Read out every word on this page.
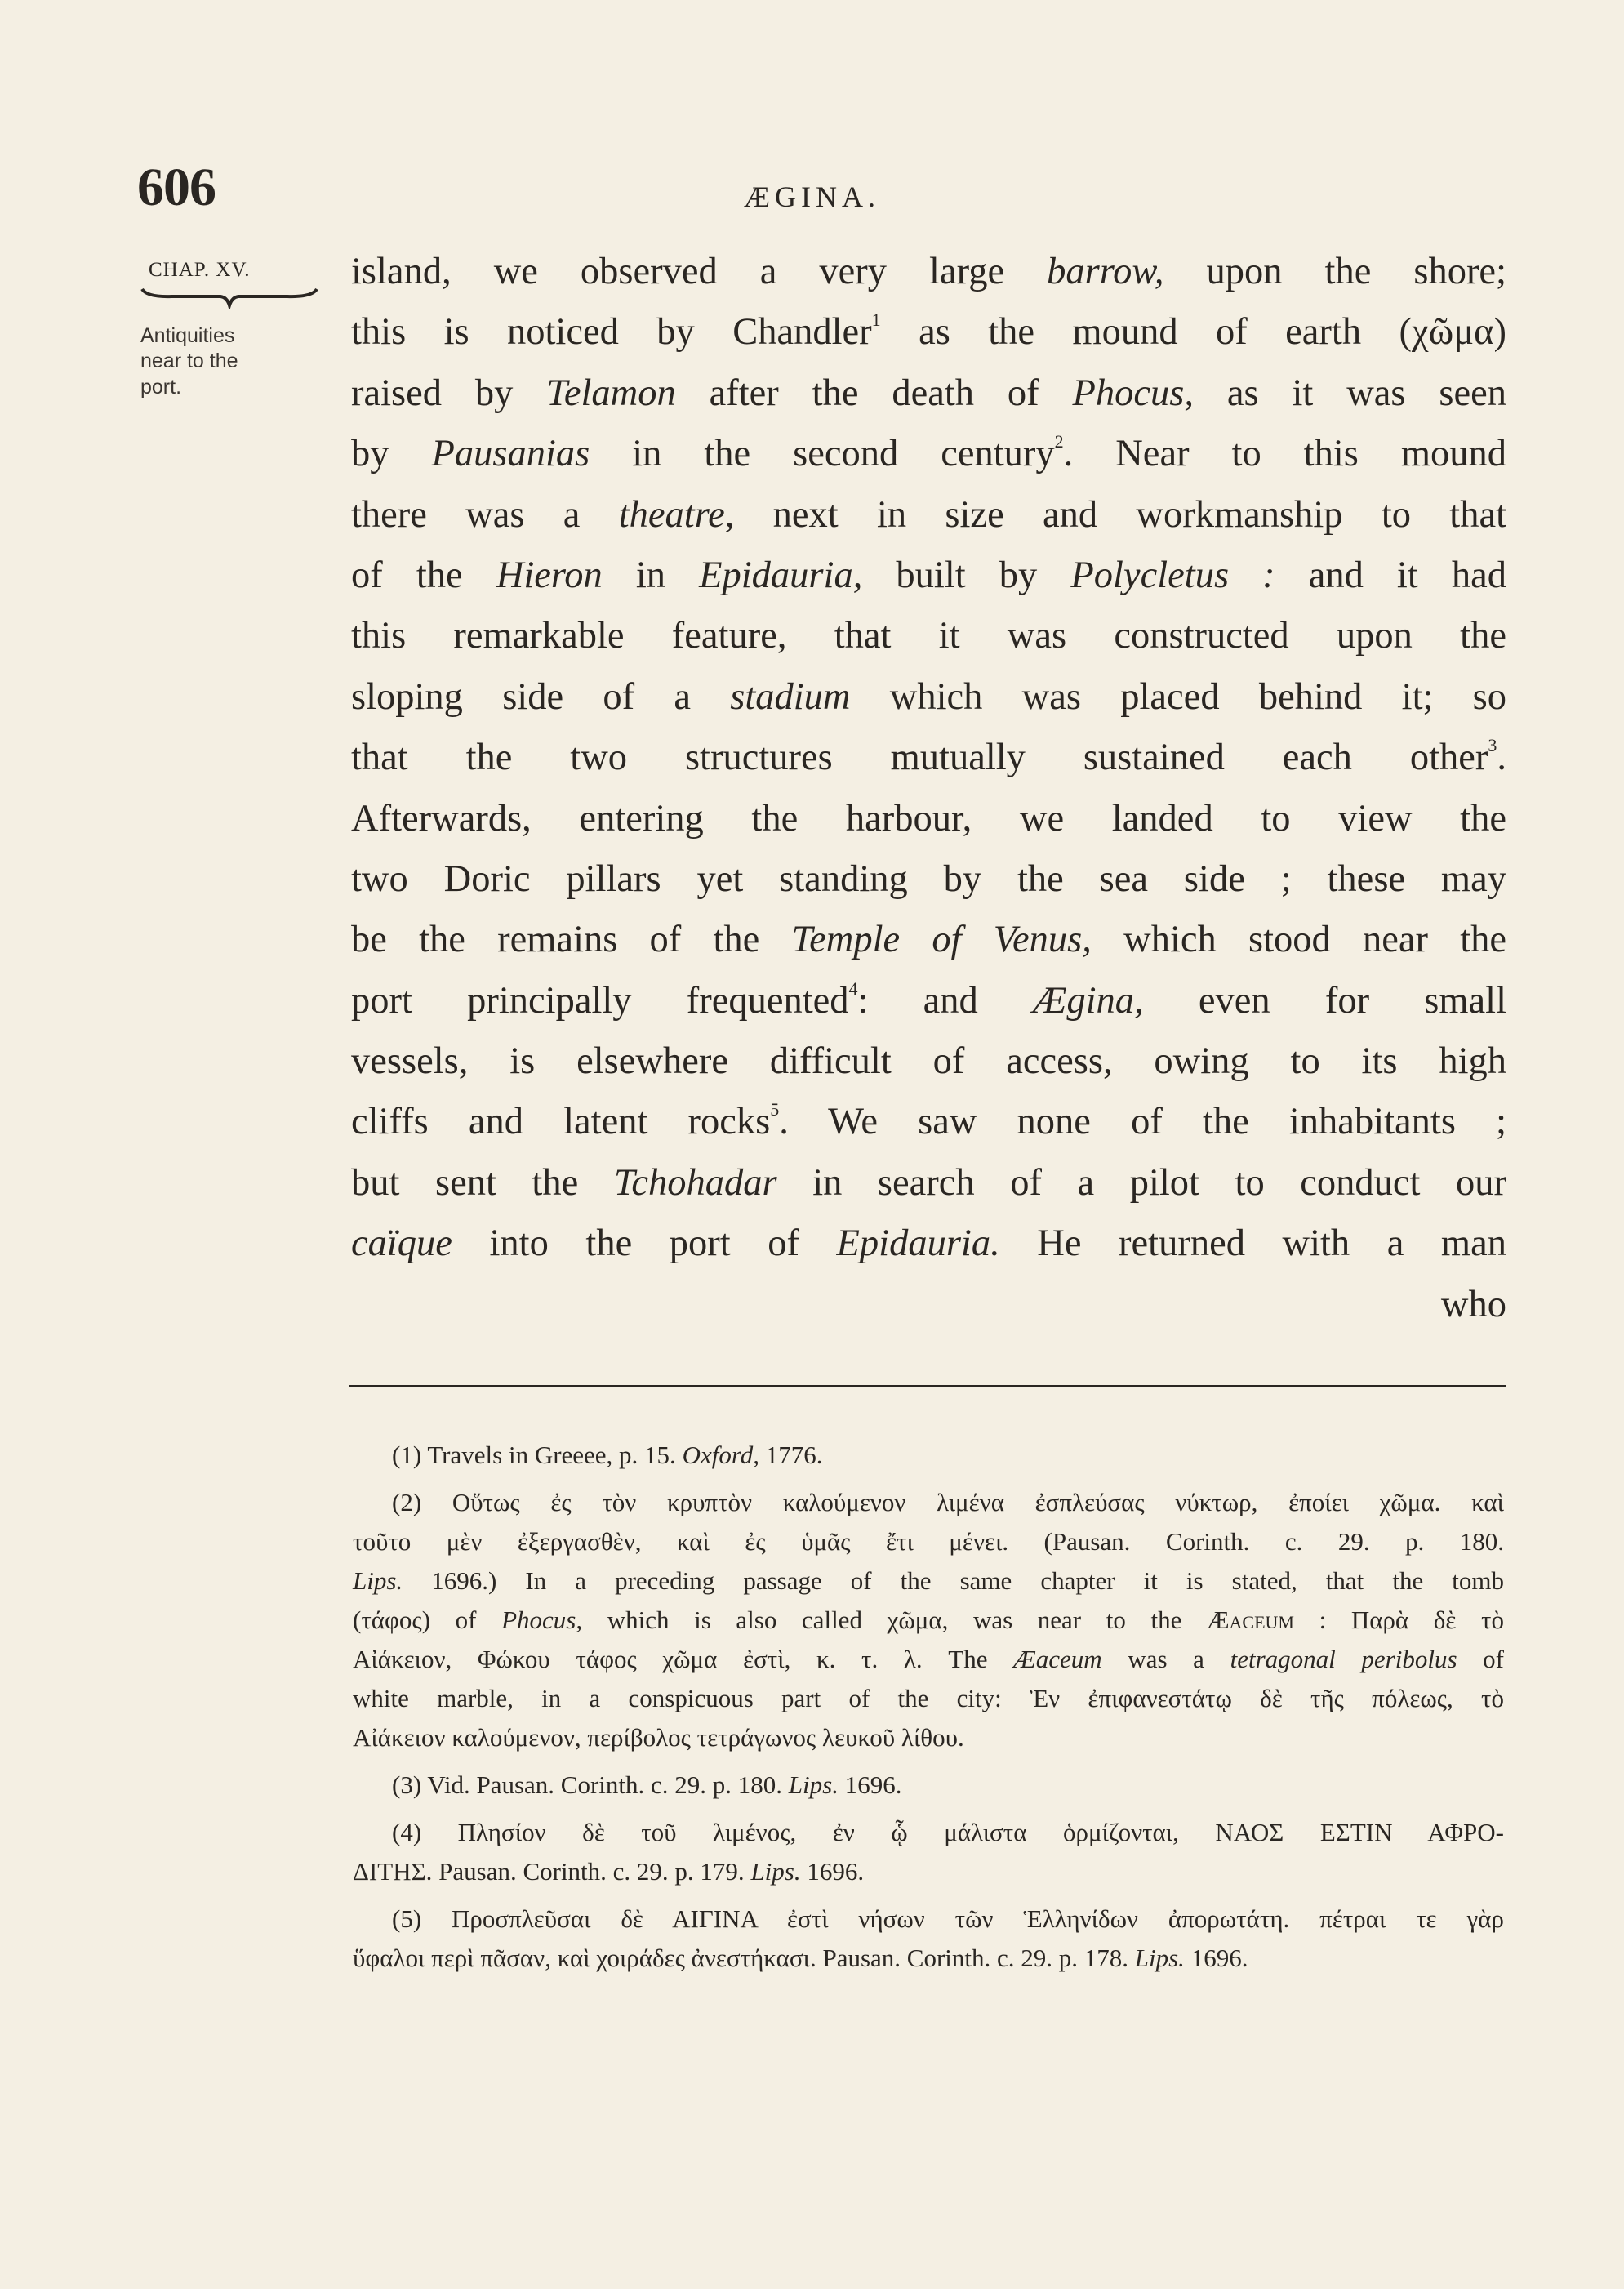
606	ÆGINA.
CHAP. XV.
Antiquities
near to the
port.
island, we observed a very large barrow, upon the shore;
this is noticed by Chandler$^1$ as the mound of earth (χῶμα)
raised by Telamon after the death of Phocus, as it was seen
by Pausanias in the second century$^2$. Near to this mound
there was a theatre, next in size and workmanship to that
of the Hieron in Epidauria, built by Polycletus : and it had
this remarkable feature, that it was constructed upon the
sloping side of a stadium which was placed behind it; so
that the two structures mutually sustained each other$^3$.
Afterwards, entering the harbour, we landed to view the
two Doric pillars yet standing by the sea side ; these may
be the remains of the Temple of Venus, which stood near the
port principally frequented$^4$: and Ægina, even for small
vessels, is elsewhere difficult of access, owing to its high
cliffs and latent rocks$^5$. We saw none of the inhabitants ;
but sent the Tchohadar in search of a pilot to conduct our
caïque into the port of Epidauria. He returned with a man
who
(1) Travels in Greeee, p. 15. Oxford, 1776.
(2) Οὕτως ἐς τὸν κρυπτὸν καλούμενον λιμένα ἐσπλεύσας νύκτωρ, ἐποίει χῶμα. καὶ
τοῦτο μὲν ἐξεργασθὲν, καὶ ἐς ὑμᾶς ἔτι μένει. (Pausan. Corinth. c. 29. p. 180.
Lips. 1696.) In a preceding passage of the same chapter it is stated, that the tomb
(τάφος) of Phocus, which is also called χῶμα, was near to the Æaceum : Παρὰ δὲ τὸ
Αἰάκειον, Φώκου τάφος χῶμα ἐστὶ, κ. τ. λ. The Æaceum was a tetragonal peribolus of
white marble, in a conspicuous part of the city: Ἐν ἐπιφανεστάτῳ δὲ τῆς πόλεως, τὸ
Αἰάκειον καλούμενον, περίβολος τετράγωνος λευκοῦ λίθου.
(3) Vid. Pausan. Corinth. c. 29. p. 180. Lips. 1696.
(4) Πλησίον δὲ τοῦ λιμένος, ἐν ᾧ μάλιστα ὁρμίζονται, ΝΑΟΣ ΕΣΤΙΝ ΑΦΡΟ-
ΔΙΤΗΣ. Pausan. Corinth. c. 29. p. 179. Lips. 1696.
(5) Προσπλεῦσαι δὲ ΑΙΓΙΝΑ ἐστὶ νήσων τῶν Ἑλληνίδων ἀπορωτάτη. πέτραι τε γὰρ
ὕφαλοι περὶ πᾶσαν, καὶ χοιράδες ἀνεστήκασι. Pausan. Corinth. c. 29. p. 178. Lips. 1696.
